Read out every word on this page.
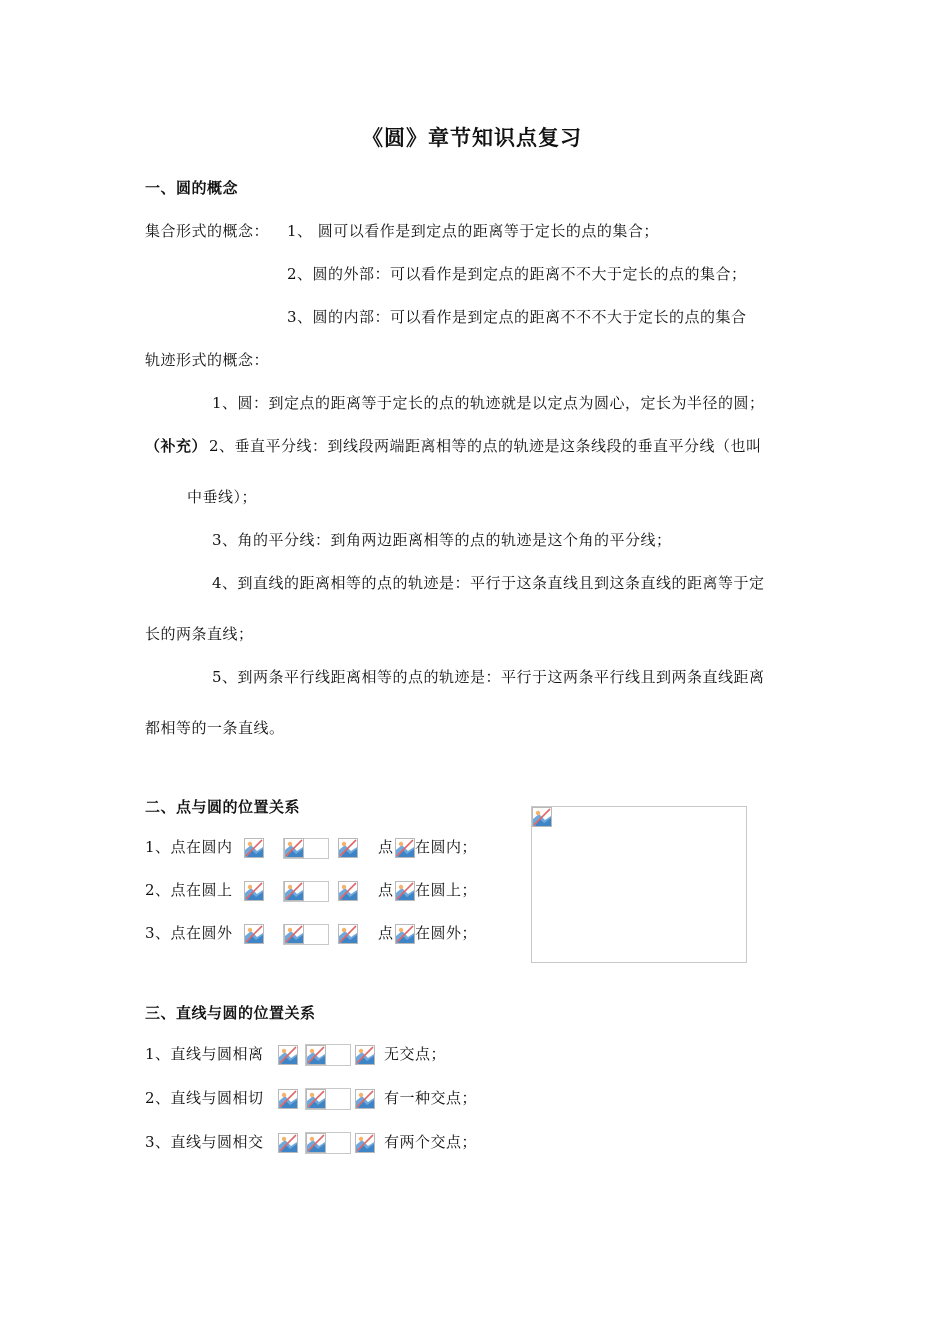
《圆》章节知识点复习
一、圆的概念
集合形式的概念： 1、 圆可以看作是到定点的距离等于定长的点的集合；
2、圆的外部：可以看作是到定点的距离不不大于定长的点的集合；
3、圆的内部：可以看作是到定点的距离不不不大于定长的点的集合
轨迹形式的概念：
1、圆：到定点的距离等于定长的点的轨迹就是以定点为圆心，定长为半径的圆；
（补充） 2、垂直平分线：到线段两端距离相等的点的轨迹是这条线段的垂直平分线（也叫
中垂线）；
3、角的平分线：到角两边距离相等的点的轨迹是这个角的平分线；
4、到直线的距离相等的点的轨迹是：平行于这条直线且到这条直线的距离等于定
长的两条直线；
5、到两条平行线距离相等的点的轨迹是：平行于这两条平行线且到两条直线距离
都相等的一条直线。
二、点与圆的位置关系
1、点在圆内	点 在圆内；
2、点在圆上	点 在圆上；
3、点在圆外	点 在圆外；
三、直线与圆的位置关系
1、直线与圆相离	无交点；
2、直线与圆相切	有一种交点；
3、直线与圆相交	有两个交点；
